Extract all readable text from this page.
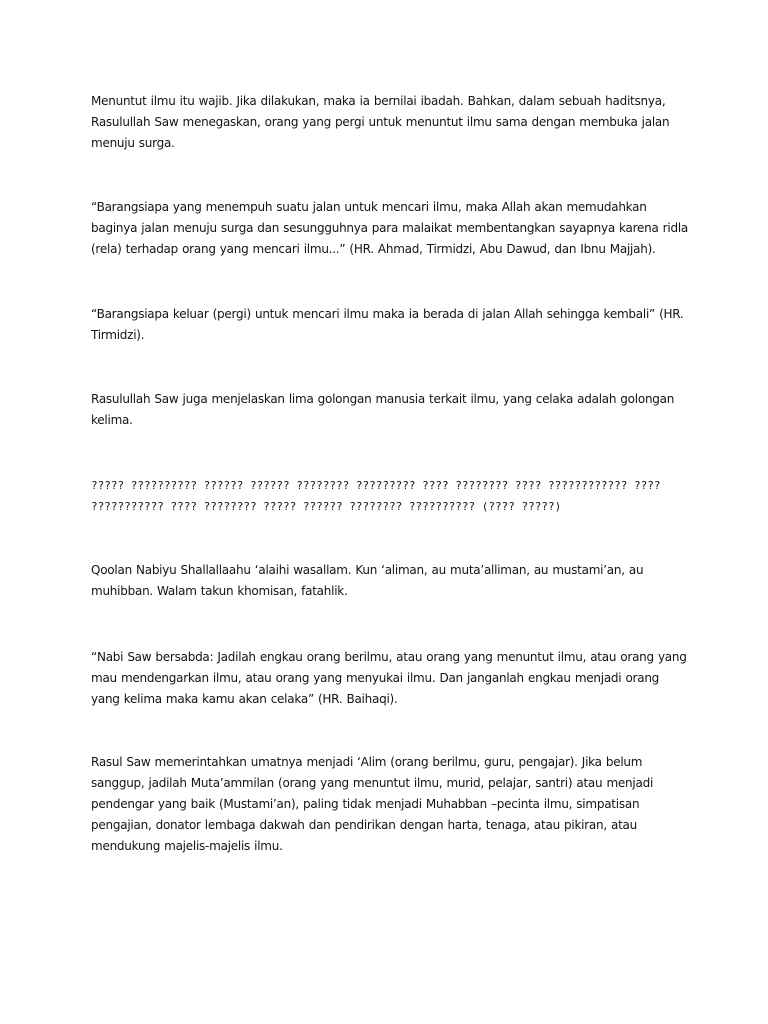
Menuntut ilmu itu wajib. Jika dilakukan, maka ia bernilai ibadah. Bahkan, dalam sebuah haditsnya, Rasulullah Saw menegaskan, orang yang pergi untuk menuntut ilmu sama dengan membuka jalan menuju surga.

“Barangsiapa yang menempuh suatu jalan untuk mencari ilmu, maka Allah akan memudahkan baginya jalan menuju surga dan sesungguhnya para malaikat membentangkan sayapnya karena ridla (rela) terhadap orang yang mencari ilmu...” (HR. Ahmad, Tirmidzi, Abu Dawud, dan Ibnu Majjah).

“Barangsiapa keluar (pergi) untuk mencari ilmu maka ia berada di jalan Allah sehingga kembali” (HR. Tirmidzi).

Rasulullah Saw juga menjelaskan lima golongan manusia terkait ilmu, yang celaka adalah golongan kelima.

????? ?????????? ?????? ?????? ???????? ????????? ???? ???????? ???? ???????????? ???? ??????????? ???? ???????? ????? ?????? ???????? ?????????? (???? ?????)

Qoolan Nabiyu Shallallaahu ‘alaihi wasallam. Kun ‘aliman, au muta’alliman, au mustami’an, au muhibban. Walam takun khomisan, fatahlik.

“Nabi Saw bersabda: Jadilah engkau orang berilmu, atau orang yang menuntut ilmu, atau orang yang mau mendengarkan ilmu, atau orang yang menyukai ilmu. Dan janganlah engkau menjadi orang yang kelima maka kamu akan celaka” (HR. Baihaqi).

Rasul Saw memerintahkan umatnya menjadi ‘Alim (orang berilmu, guru, pengajar). Jika belum sanggup, jadilah Muta’ammilan (orang yang menuntut ilmu, murid, pelajar, santri) atau menjadi pendengar yang baik (Mustami’an), paling tidak menjadi Muhabban –pecinta ilmu, simpatisan pengajian, donator lembaga dakwah dan pendirikan dengan harta, tenaga, atau pikiran, atau mendukung majelis-majelis ilmu.
